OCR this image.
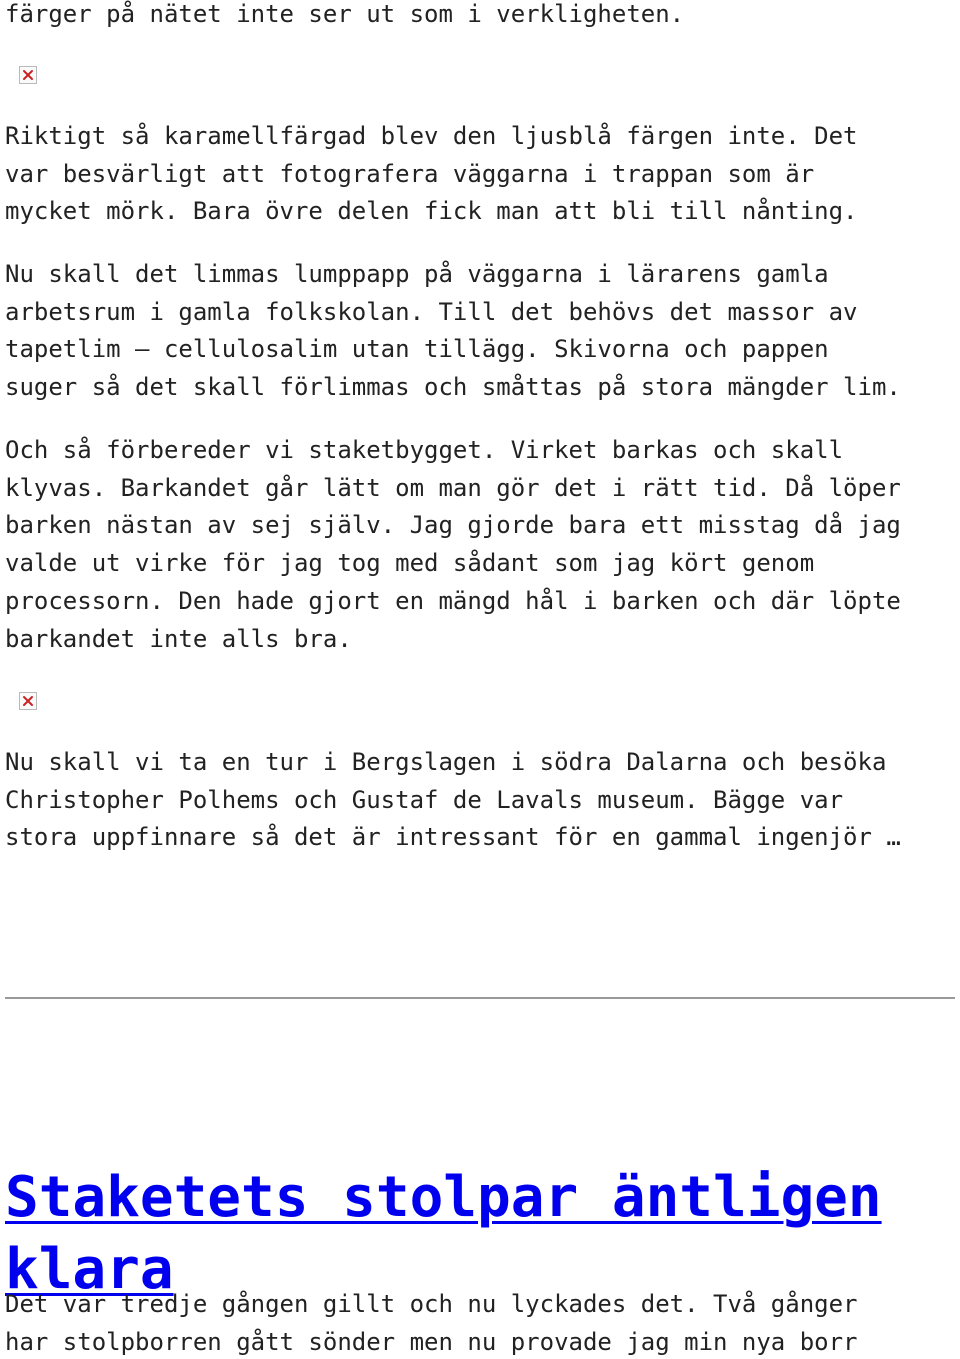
färger på nätet inte ser ut som i verkligheten.

Riktigt så karamellfärgad blev den ljusblå färgen inte. Det
var besvärligt att fotografera väggarna i trappan som är
mycket mörk. Bara övre delen fick man att bli till nånting.

Nu skall det limmas lumppapp på väggarna i lärarens gamla
arbetsrum i gamla folkskolan. Till det behövs det massor av
tapetlim – cellulosalim utan tillägg. Skivorna och pappen
suger så det skall förlimmas och småttas på stora mängder lim.

Och så förbereder vi staketbygget. Virket barkas och skall
klyvas. Barkandet går lätt om man gör det i rätt tid. Då löper
barken nästan av sej själv. Jag gjorde bara ett misstag då jag
valde ut virke för jag tog med sådant som jag kört genom
processorn. Den hade gjort en mängd hål i barken och där löpte
barkandet inte alls bra.

Nu skall vi ta en tur i Bergslagen i södra Dalarna och besöka
Christopher Polhems och Gustaf de Lavals museum. Bägge var
stora uppfinnare så det är intressant för en gammal ingenjör …

Staketets stolpar äntligen
klara

Det var tredje gången gillt och nu lyckades det. Två gånger
har stolpborren gått sönder men nu provade jag min nya borr
